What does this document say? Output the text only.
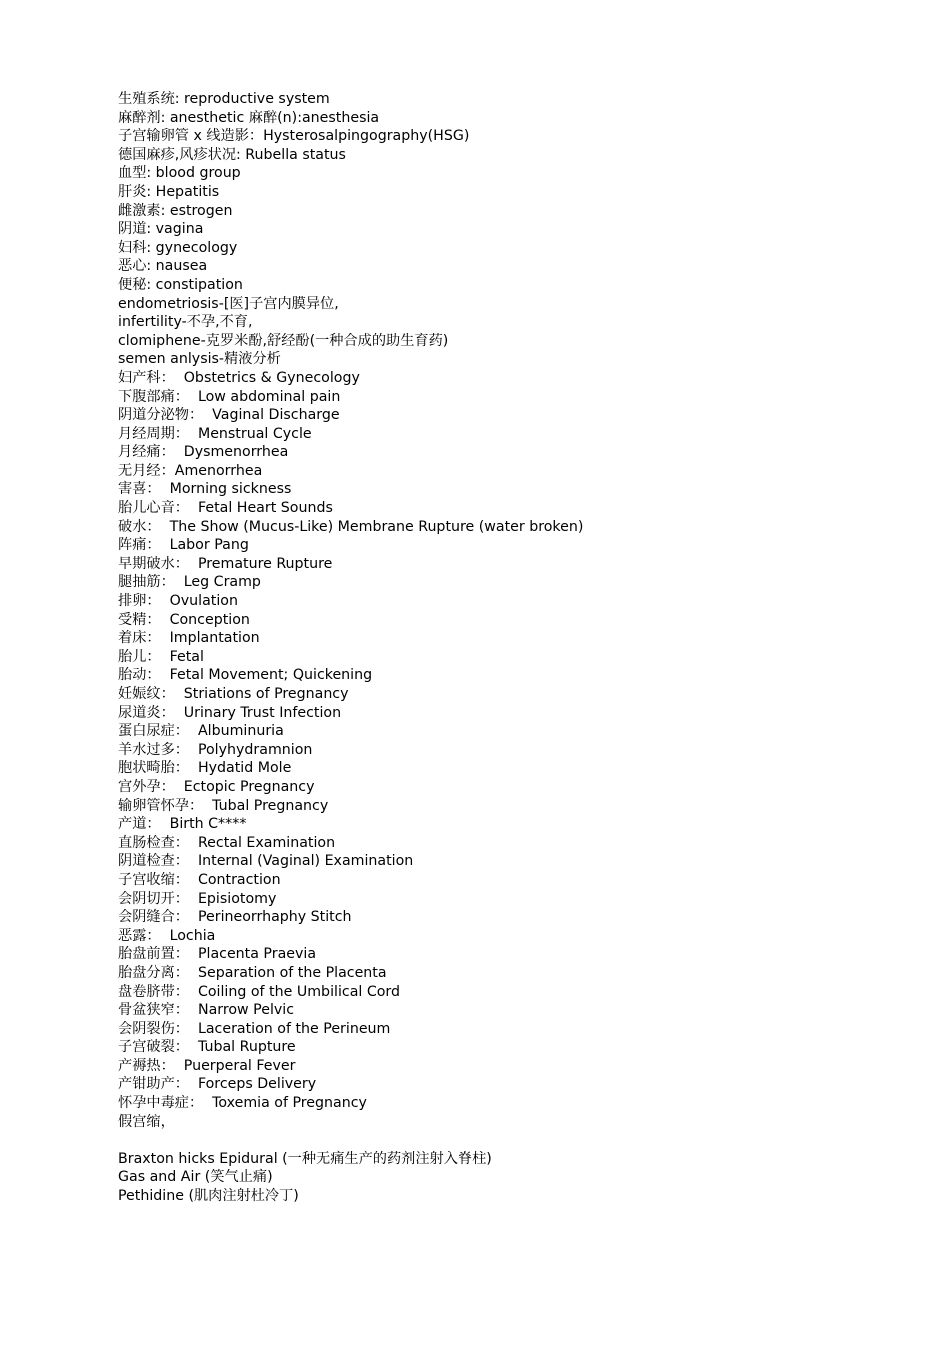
生殖系统: reproductive system
麻醉剂: anesthetic 麻醉(n):anesthesia
子宫输卵管 x 线造影：Hysterosalpingography(HSG)
德国麻疹,风疹状况: Rubella status
血型: blood group
肝炎: Hepatitis
雌激素: estrogen
阴道: vagina
妇科: gynecology
恶心: nausea
便秘: constipation
endometriosis-[医]子宫内膜异位,
infertility-不孕,不育,
clomiphene-克罗米酚,舒经酚(一种合成的助生育药)
semen anlysis-精液分析
妇产科：  Obstetrics & Gynecology
下腹部痛：  Low abdominal pain
阴道分泌物：  Vaginal Discharge
月经周期：  Menstrual Cycle
月经痛：  Dysmenorrhea
无月经：Amenorrhea
害喜：  Morning sickness
胎儿心音：  Fetal Heart Sounds
破水：  The Show (Mucus-Like) Membrane Rupture (water broken)
阵痛：  Labor Pang
早期破水：  Premature Rupture
腿抽筋：  Leg Cramp
排卵：  Ovulation
受精：  Conception
着床：  Implantation
胎儿：  Fetal
胎动：  Fetal Movement; Quickening
妊娠纹：  Striations of Pregnancy
尿道炎：  Urinary Trust Infection
蛋白尿症：  Albuminuria
羊水过多：  Polyhydramnion
胞状畸胎：  Hydatid Mole
宫外孕：  Ectopic Pregnancy
输卵管怀孕：  Tubal Pregnancy
产道：  Birth C****
直肠检查：  Rectal Examination
阴道检查：  Internal (Vaginal) Examination
子宫收缩：  Contraction
会阴切开：  Episiotomy
会阴缝合：  Perineorrhaphy Stitch
恶露：  Lochia
胎盘前置：  Placenta Praevia
胎盘分离：  Separation of the Placenta
盘卷脐带：  Coiling of the Umbilical Cord
骨盆狭窄：  Narrow Pelvic
会阴裂伤：  Laceration of the Perineum
子宫破裂：  Tubal Rupture
产褥热：  Puerperal Fever
产钳助产：  Forceps Delivery
怀孕中毒症：  Toxemia of Pregnancy
假宫缩，
Braxton hicks Epidural (一种无痛生产的药剂注射入脊柱)
Gas and Air (笑气止痛)
Pethidine (肌肉注射杜冷丁)
